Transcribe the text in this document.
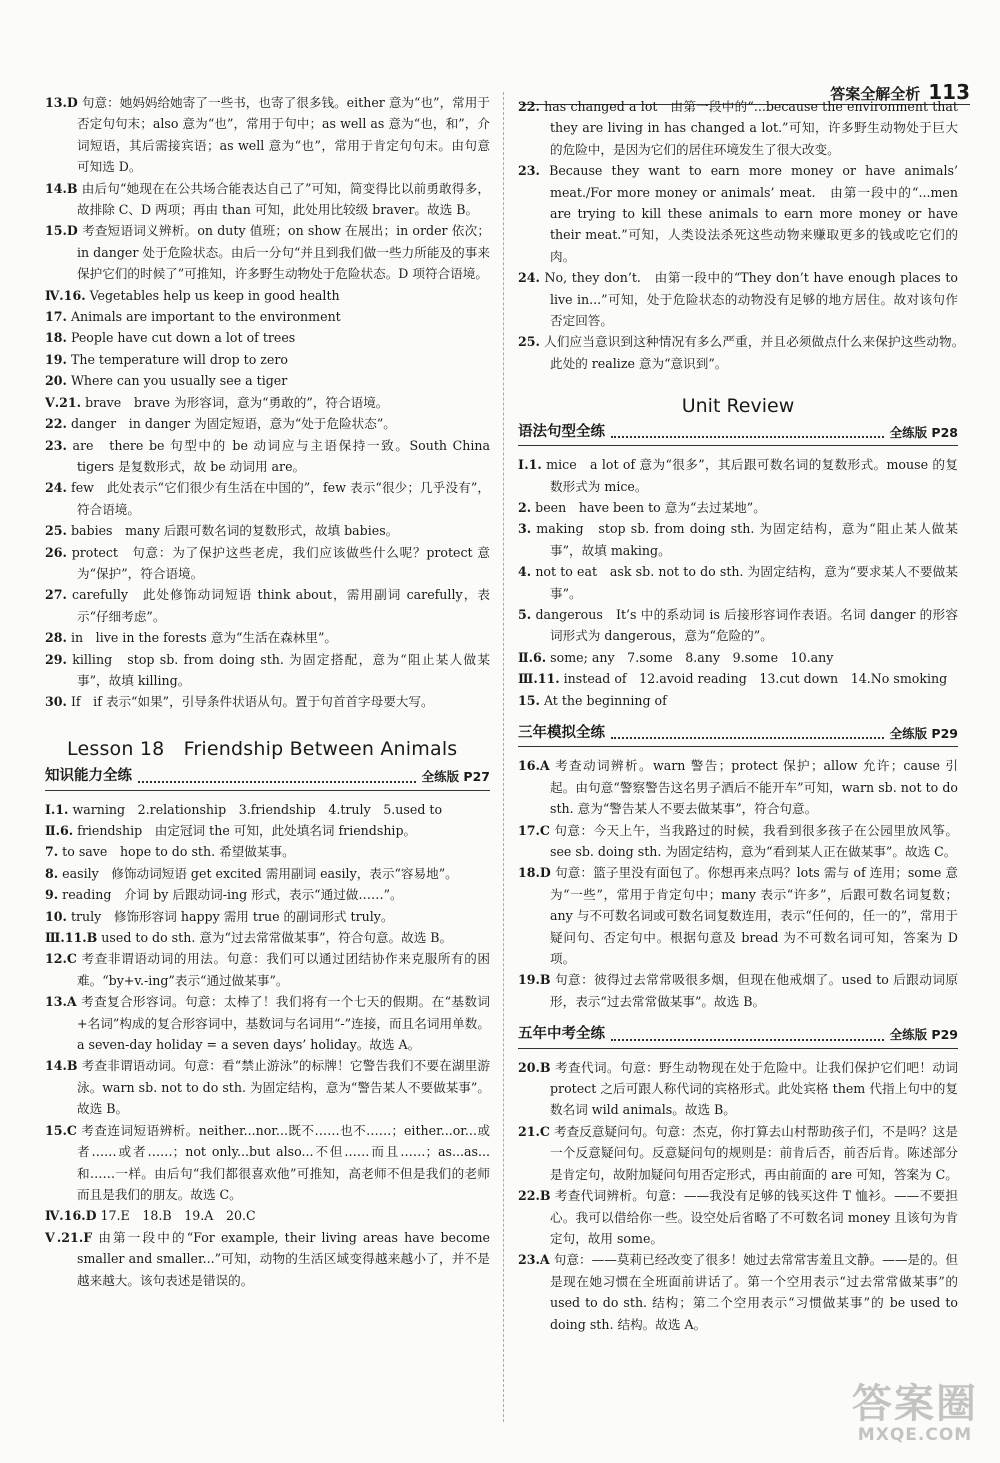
答案全解全析 113

13.D 句意：她妈妈给她寄了一些书，也寄了很多钱。either 意为“也”，常用于否定句句末；also 意为“也”，常用于句中；as well as 意为“也，和”，介词短语，其后需接宾语；as well 意为“也”，常用于肯定句句末。由句意可知选 D。

14.B 由后句“她现在在公共场合能表达自己了”可知，简变得比以前勇敢得多，故排除 C、D 两项；再由 than 可知，此处用比较级 braver。故选 B。

15.D 考查短语词义辨析。on duty 值班；on show 在展出；in order 依次；in danger 处于危险状态。由后一分句“并且到我们做一些力所能及的事来保护它们的时候了”可推知，许多野生动物处于危险状态。D 项符合语境。

Ⅳ.16. Vegetables help us keep in good health

17. Animals are important to the environment

18. People have cut down a lot of trees

19. The temperature will drop to zero

20. Where can you usually see a tiger

Ⅴ.21. brave　brave 为形容词，意为“勇敢的”，符合语境。

22. danger　in danger 为固定短语，意为“处于危险状态”。

23. are　there be 句型中的 be 动词应与主语保持一致。South China tigers 是复数形式，故 be 动词用 are。

24. few　此处表示“它们很少有生活在中国的”，few 表示“很少；几乎没有”，符合语境。

25. babies　many 后跟可数名词的复数形式，故填 babies。

26. protect　句意：为了保护这些老虎，我们应该做些什么呢？protect 意为“保护”，符合语境。

27. carefully　此处修饰动词短语 think about，需用副词 carefully，表示“仔细考虑”。

28. in　live in the forests 意为“生活在森林里”。

29. killing　stop sb. from doing sth. 为固定搭配，意为“阻止某人做某事”，故填 killing。

30. If　if 表示“如果”，引导条件状语从句。置于句首首字母要大写。

Lesson 18　Friendship Between Animals
知识能力全练	全练版 P27

Ⅰ.1. warning　2.relationship　3.friendship　4.truly　5.used to

Ⅱ.6. friendship　由定冠词 the 可知，此处填名词 friendship。

7. to save　hope to do sth. 希望做某事。

8. easily　修饰动词短语 get excited 需用副词 easily，表示“容易地”。

9. reading　介词 by 后跟动词-ing 形式，表示“通过做……”。

10. truly　修饰形容词 happy 需用 true 的副词形式 truly。

Ⅲ.11.B used to do sth. 意为“过去常常做某事”，符合句意。故选 B。

12.C 考查非谓语动词的用法。句意：我们可以通过团结协作来克服所有的困难。“by+v.-ing”表示“通过做某事”。

13.A 考查复合形容词。句意：太棒了！我们将有一个七天的假期。在“基数词+名词”构成的复合形容词中，基数词与名词用“-”连接，而且名词用单数。a seven-day holiday = a seven days’ holiday。故选 A。

14.B 考查非谓语动词。句意：看“禁止游泳”的标牌！它警告我们不要在湖里游泳。warn sb. not to do sth. 为固定结构，意为“警告某人不要做某事”。故选 B。

15.C 考查连词短语辨析。neither...nor...既不……也不……；either...or...或者……或者……；not only...but also...不但……而且……；as...as...和……一样。由后句“我们都很喜欢他”可推知，高老师不但是我们的老师而且是我们的朋友。故选 C。

Ⅳ.16.D 17.E　18.B　19.A　20.C

Ⅴ.21.F 由第一段中的“For example, their living areas have become smaller and smaller...”可知，动物的生活区域变得越来越小了，并不是越来越大。该句表述是错误的。

22. has changed a lot　由第一段中的“...because the environment that they are living in has changed a lot.”可知，许多野生动物处于巨大的危险中，是因为它们的居住环境发生了很大改变。

23. Because they want to earn more money or have animals’ meat./For more money or animals’ meat.　由第一段中的“...men are trying to kill these animals to earn more money or have their meat.”可知，人类设法杀死这些动物来赚取更多的钱或吃它们的肉。

24. No, they don’t.　由第一段中的“They don’t have enough places to live in...”可知，处于危险状态的动物没有足够的地方居住。故对该句作否定回答。

25. 人们应当意识到这种情况有多么严重，并且必须做点什么来保护这些动物。　此处的 realize 意为“意识到”。

Unit Review
语法句型全练	全练版 P28

Ⅰ.1. mice　a lot of 意为“很多”，其后跟可数名词的复数形式。mouse 的复数形式为 mice。

2. been　have been to 意为“去过某地”。

3. making　stop sb. from doing sth. 为固定结构，意为“阻止某人做某事”，故填 making。

4. not to eat　ask sb. not to do sth. 为固定结构，意为“要求某人不要做某事”。

5. dangerous　It’s 中的系动词 is 后接形容词作表语。名词 danger 的形容词形式为 dangerous，意为“危险的”。

Ⅱ.6. some; any　7.some　8.any　9.some　10.any

Ⅲ.11. instead of　12.avoid reading　13.cut down　14.No smoking

15. At the beginning of

三年模拟全练	全练版 P29

16.A 考查动词辨析。warn 警告；protect 保护；allow 允许；cause 引起。由句意“警察警告这名男子酒后不能开车”可知，warn sb. not to do sth. 意为“警告某人不要去做某事”，符合句意。

17.C 句意：今天上午，当我路过的时候，我看到很多孩子在公园里放风筝。see sb. doing sth. 为固定结构，意为“看到某人正在做某事”。故选 C。

18.D 句意：篮子里没有面包了。你想再来点吗？lots 需与 of 连用；some 意为“一些”，常用于肯定句中；many 表示“许多”，后跟可数名词复数；any 与不可数名词或可数名词复数连用，表示“任何的，任一的”，常用于疑问句、否定句中。根据句意及 bread 为不可数名词可知，答案为 D 项。

19.B 句意：彼得过去常常吸很多烟，但现在他戒烟了。used to 后跟动词原形，表示“过去常常做某事”。故选 B。

五年中考全练	全练版 P29

20.B 考查代词。句意：野生动物现在处于危险中。让我们保护它们吧！动词 protect 之后可跟人称代词的宾格形式。此处宾格 them 代指上句中的复数名词 wild animals。故选 B。

21.C 考查反意疑问句。句意：杰克，你打算去山村帮助孩子们，不是吗？这是一个反意疑问句。反意疑问句的规则是：前肯后否，前否后肯。陈述部分是肯定句，故附加疑问句用否定形式，再由前面的 are 可知，答案为 C。

22.B 考查代词辨析。句意：——我没有足够的钱买这件 T 恤衫。——不要担心。我可以借给你一些。设空处后省略了不可数名词 money 且该句为肯定句，故用 some。

23.A 句意：——莫莉已经改变了很多！她过去常常害羞且文静。——是的。但是现在她习惯在全班面前讲话了。第一个空用表示“过去常常做某事”的 used to do sth. 结构；第二个空用表示“习惯做某事”的 be used to doing sth. 结构。故选 A。

答案圈
MXQE.COM
